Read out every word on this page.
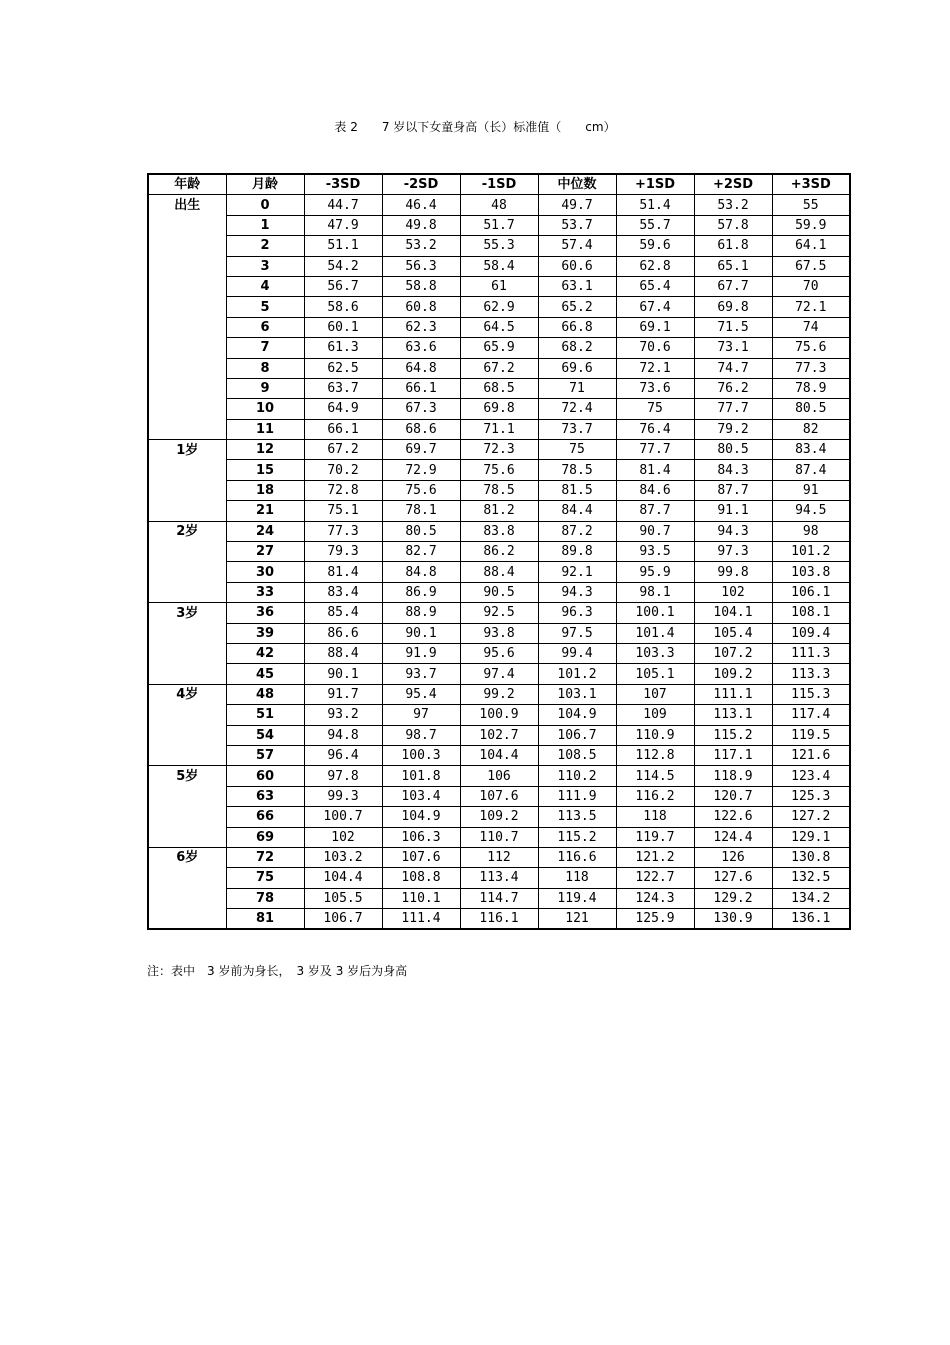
表 2　　7 岁以下女童身高（长）标准值（　　cm）
年龄	月龄	-3SD	-2SD	-1SD	中位数	+1SD	+2SD	+3SD
出生	0	44.7	46.4	48	49.7	51.4	53.2	55
	1	47.9	49.8	51.7	53.7	55.7	57.8	59.9
	2	51.1	53.2	55.3	57.4	59.6	61.8	64.1
	3	54.2	56.3	58.4	60.6	62.8	65.1	67.5
	4	56.7	58.8	61	63.1	65.4	67.7	70
	5	58.6	60.8	62.9	65.2	67.4	69.8	72.1
	6	60.1	62.3	64.5	66.8	69.1	71.5	74
	7	61.3	63.6	65.9	68.2	70.6	73.1	75.6
	8	62.5	64.8	67.2	69.6	72.1	74.7	77.3
	9	63.7	66.1	68.5	71	73.6	76.2	78.9
	10	64.9	67.3	69.8	72.4	75	77.7	80.5
	11	66.1	68.6	71.1	73.7	76.4	79.2	82
1岁	12	67.2	69.7	72.3	75	77.7	80.5	83.4
	15	70.2	72.9	75.6	78.5	81.4	84.3	87.4
	18	72.8	75.6	78.5	81.5	84.6	87.7	91
	21	75.1	78.1	81.2	84.4	87.7	91.1	94.5
2岁	24	77.3	80.5	83.8	87.2	90.7	94.3	98
	27	79.3	82.7	86.2	89.8	93.5	97.3	101.2
	30	81.4	84.8	88.4	92.1	95.9	99.8	103.8
	33	83.4	86.9	90.5	94.3	98.1	102	106.1
3岁	36	85.4	88.9	92.5	96.3	100.1	104.1	108.1
	39	86.6	90.1	93.8	97.5	101.4	105.4	109.4
	42	88.4	91.9	95.6	99.4	103.3	107.2	111.3
	45	90.1	93.7	97.4	101.2	105.1	109.2	113.3
4岁	48	91.7	95.4	99.2	103.1	107	111.1	115.3
	51	93.2	97	100.9	104.9	109	113.1	117.4
	54	94.8	98.7	102.7	106.7	110.9	115.2	119.5
	57	96.4	100.3	104.4	108.5	112.8	117.1	121.6
5岁	60	97.8	101.8	106	110.2	114.5	118.9	123.4
	63	99.3	103.4	107.6	111.9	116.2	120.7	125.3
	66	100.7	104.9	109.2	113.5	118	122.6	127.2
	69	102	106.3	110.7	115.2	119.7	124.4	129.1
6岁	72	103.2	107.6	112	116.6	121.2	126	130.8
	75	104.4	108.8	113.4	118	122.7	127.6	132.5
	78	105.5	110.1	114.7	119.4	124.3	129.2	134.2
	81	106.7	111.4	116.1	121	125.9	130.9	136.1
注：表中　3 岁前为身长，　3 岁及 3 岁后为身高
